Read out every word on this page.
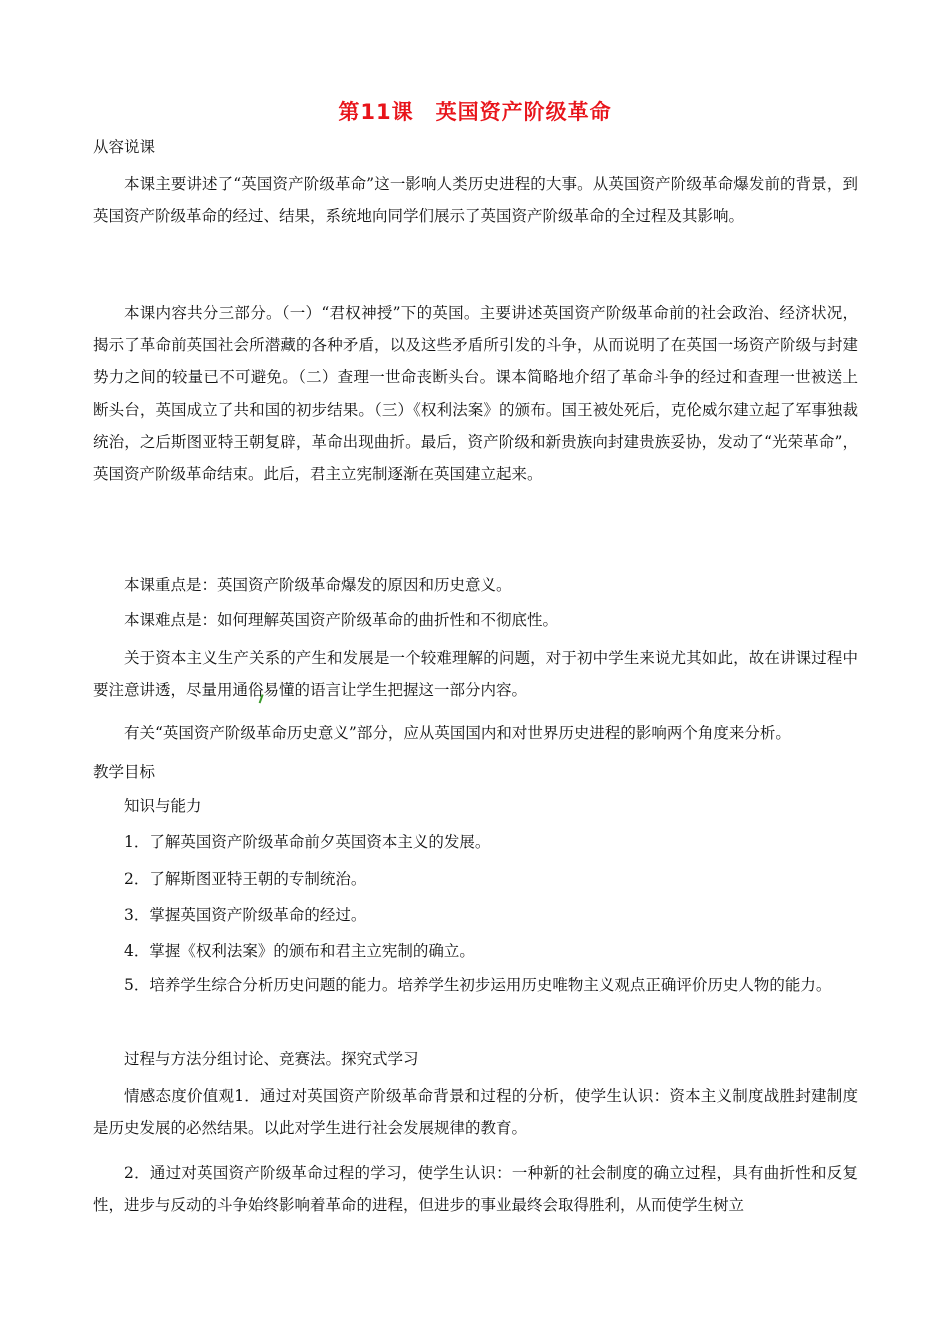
第11课 英国资产阶级革命
从容说课
本课主要讲述了“英国资产阶级革命”这一影响人类历史进程的大事。从英国资产阶级革命爆发前的背景，到英国资产阶级革命的经过、结果，系统地向同学们展示了英国资产阶级革命的全过程及其影响。
本课内容共分三部分。（一）“君权神授”下的英国。主要讲述英国资产阶级革命前的社会政治、经济状况，揭示了革命前英国社会所潜藏的各种矛盾，以及这些矛盾所引发的斗争，从而说明了在英国一场资产阶级与封建势力之间的较量已不可避免。（二）查理一世命丧断头台。课本简略地介绍了革命斗争的经过和查理一世被送上断头台，英国成立了共和国的初步结果。（三）《权利法案》的颁布。国王被处死后，克伦威尔建立起了军事独裁统治，之后斯图亚特王朝复辟，革命出现曲折。最后，资产阶级和新贵族向封建贵族妥协，发动了“光荣革命”，英国资产阶级革命结束。此后，君主立宪制逐渐在英国建立起来。
本课重点是：英国资产阶级革命爆发的原因和历史意义。
本课难点是：如何理解英国资产阶级革命的曲折性和不彻底性。
关于资本主义生产关系的产生和发展是一个较难理解的问题，对于初中学生来说尤其如此，故在讲课过程中要注意讲透，尽量用通俗易懂的语言让学生把握这一部分内容。
有关“英国资产阶级革命历史意义”部分，应从英国国内和对世界历史进程的影响两个角度来分析。
教学目标
知识与能力
1．了解英国资产阶级革命前夕英国资本主义的发展。
2．了解斯图亚特王朝的专制统治。
3．掌握英国资产阶级革命的经过。
4．掌握《权利法案》的颁布和君主立宪制的确立。
5．培养学生综合分析历史问题的能力。培养学生初步运用历史唯物主义观点正确评价历史人物的能力。
过程与方法分组讨论、竞赛法。探究式学习
情感态度价值观1．通过对英国资产阶级革命背景和过程的分析，使学生认识：资本主义制度战胜封建制度是历史发展的必然结果。以此对学生进行社会发展规律的教育。
2．通过对英国资产阶级革命过程的学习，使学生认识：一种新的社会制度的确立过程，具有曲折性和反复性，进步与反动的斗争始终影响着革命的进程，但进步的事业最终会取得胜利，从而使学生树立
